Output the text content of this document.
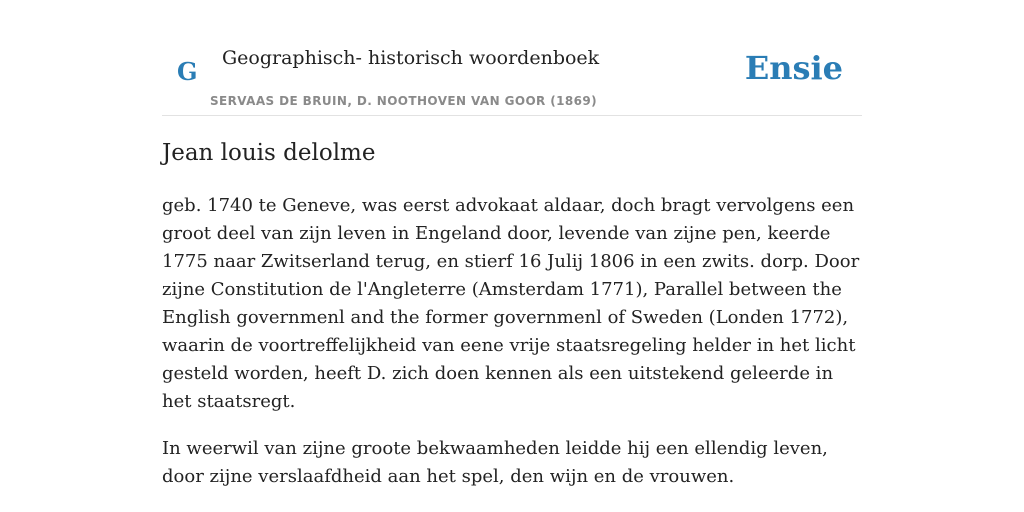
G Geographisch- historisch woordenboek
SERVAAS DE BRUIN, D. NOOTHOVEN VAN GOOR (1869)
Ensie
Jean louis delolme

geb. 1740 te Geneve, was eerst advokaat aldaar, doch bragt vervolgens een groot deel van zijn leven in Engeland door, levende van zijne pen, keerde 1775 naar Zwitserland terug, en stierf 16 Julij 1806 in een zwits. dorp. Door zijne Constitution de l'Angleterre (Amsterdam 1771), Parallel between the English governmenl and the former governmenl of Sweden (Londen 1772), waarin de voortreffelijkheid van eene vrije staatsregeling helder in het licht gesteld worden, heeft D. zich doen kennen als een uitstekend geleerde in het staatsregt.

In weerwil van zijne groote bekwaamheden leidde hij een ellendig leven, door zijne verslaafdheid aan het spel, den wijn en de vrouwen.
